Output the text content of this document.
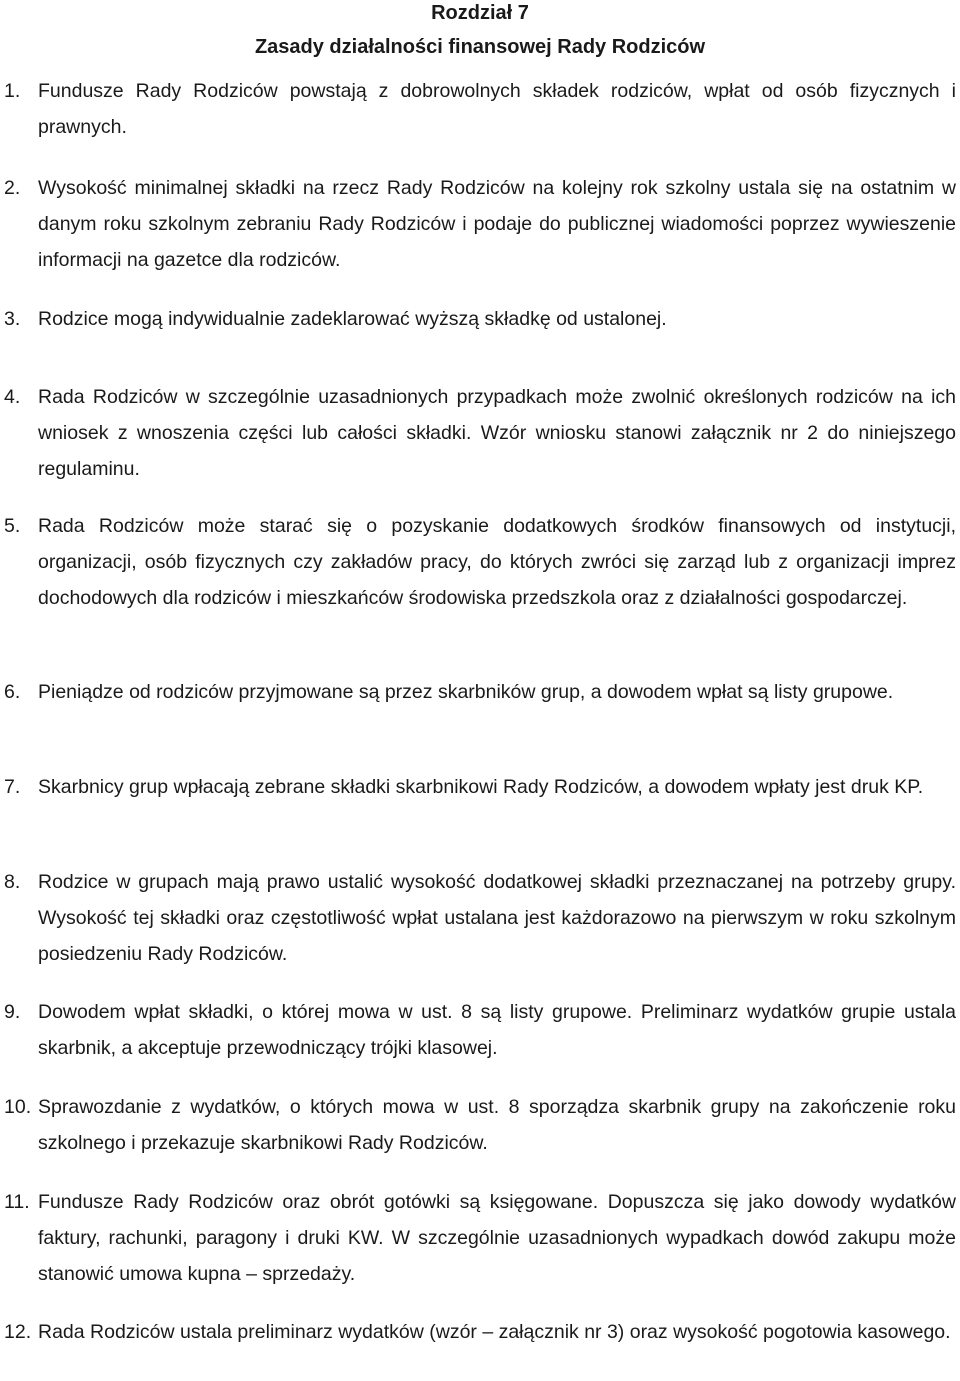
Rozdział 7
Zasady działalności finansowej Rady Rodziców
1. Fundusze Rady Rodziców powstają z dobrowolnych składek rodziców, wpłat od osób fizycznych i prawnych.
2. Wysokość minimalnej składki na rzecz Rady Rodziców na kolejny rok szkolny ustala się na ostatnim w danym roku szkolnym zebraniu Rady Rodziców i podaje do publicznej wiadomości poprzez wywieszenie informacji na gazetce dla rodziców.
3. Rodzice mogą indywidualnie zadeklarować wyższą składkę od ustalonej.
4. Rada Rodziców w szczególnie uzasadnionych przypadkach może zwolnić określonych rodziców na ich wniosek z wnoszenia części lub całości składki. Wzór wniosku stanowi załącznik nr 2 do niniejszego regulaminu.
5. Rada Rodziców może starać się o pozyskanie dodatkowych środków finansowych od instytucji, organizacji, osób fizycznych czy zakładów pracy, do których zwróci się zarząd lub z organizacji imprez dochodowych dla rodziców i mieszkańców środowiska przedszkola oraz z działalności gospodarczej.
6. Pieniądze od rodziców przyjmowane są przez skarbników grup, a dowodem wpłat są listy grupowe.
7. Skarbnicy grup wpłacają zebrane składki skarbnikowi Rady Rodziców, a dowodem wpłaty jest druk KP.
8. Rodzice w grupach mają prawo ustalić wysokość dodatkowej składki przeznaczanej na potrzeby grupy. Wysokość tej składki oraz częstotliwość wpłat ustalana jest każdorazowo na pierwszym w roku szkolnym posiedzeniu Rady Rodziców.
9. Dowodem wpłat składki, o której mowa w ust. 8 są listy grupowe. Preliminarz wydatków grupie ustala skarbnik, a akceptuje przewodniczący trójki klasowej.
10. Sprawozdanie z wydatków, o których mowa w ust. 8 sporządza skarbnik grupy na zakończenie roku szkolnego i przekazuje skarbnikowi Rady Rodziców.
11. Fundusze Rady Rodziców oraz obrót gotówki są księgowane. Dopuszcza się jako dowody wydatków faktury, rachunki, paragony i druki KW. W szczególnie uzasadnionych wypadkach dowód zakupu może stanowić umowa kupna – sprzedaży.
12. Rada Rodziców ustala preliminarz wydatków (wzór – załącznik nr 3) oraz wysokość pogotowia kasowego.
